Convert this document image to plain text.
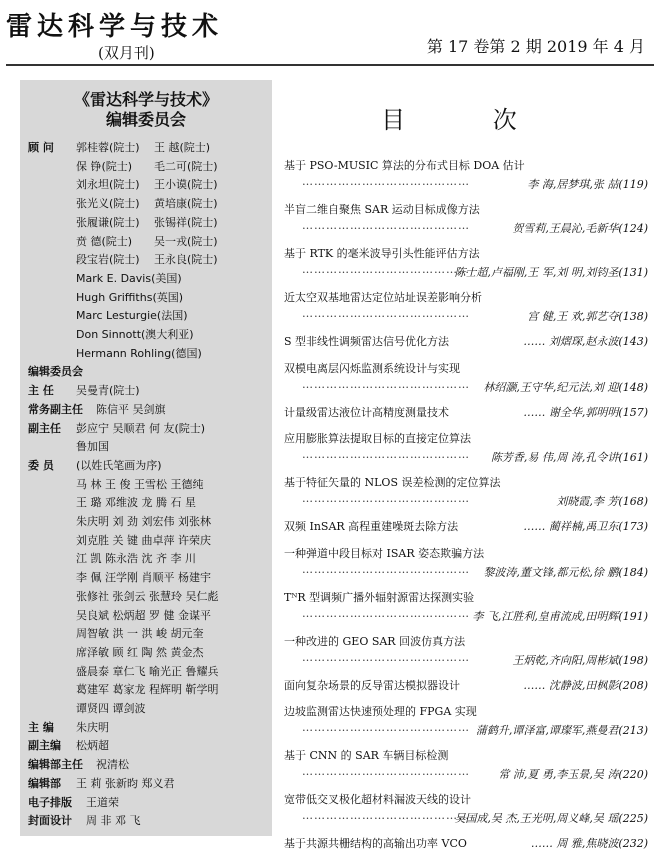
雷达科学与技术
(双月刊)	第 17 卷第 2 期 2019 年 4 月
《雷达科学与技术》
编辑委员会
顾 问 郭桂蓉(院士) 王 越(院士)
保 铮(院士) 毛二可(院士)
刘永坦(院士) 王小谟(院士)
张光义(院士) 黄培康(院士)
张履谦(院士) 张锡祥(院士)
贲 德(院士) 吴一戎(院士)
段宝岩(院士) 王永良(院士)
Mark E. Davis(美国)
Hugh Griffiths(英国)
Marc Lesturgie(法国)
Don Sinnott(澳大利亚)
Hermann Rohling(德国)
编辑委员会
主 任 吴曼青(院士)
常务副主任 陈信平 吴剑旗
副主任 彭应宁 吴顺君 何 友(院士)
鲁加国
委 员 (以姓氏笔画为序)
马 林 王 俊 王雪松 王德纯
王 璐 邓维波 龙 腾 石 星
朱庆明 刘 劲 刘宏伟 刘张林
刘克胜 关 键 曲卓萍 许荣庆
江 凯 陈永浩 沈 齐 李 川
李 佩 汪学刚 肖顺平 杨建宇
张修社 张剑云 张慧玲 吴仁彪
吴良斌 松炳超 罗 健 金谋平
周智敏 洪 一 洪 峻 胡元奎
席泽敏 顾 红 陶 然 黄金杰
盛晨泰 章仁飞 喻光正 鲁耀兵
葛建军 葛家龙 程辉明 靳学明
谭贤四 谭剑波
主 编 朱庆明
副主编 松炳超
编辑部主任 祝清松
编辑部 王 莉 张新昀 郑义君
电子排版 王道荣
封面设计 周 非 邓 飞
目 次
基于 PSO-MUSIC 算法的分布式目标 DOA 估计
……………………………………	李 海,居梦琪,张 喆(119)
半盲二维自聚焦 SAR 运动目标成像方法
……………………………………	贺雪莉,王晨沁,毛新华(124)
基于 RTK 的毫米波导引头性能评估方法
……………………………………
陈士超,卢福刚,王 军,刘 明,刘钧圣(131)
近太空双基地雷达定位站址误差影响分析
……………………………………	宫 健,王 欢,郭艺夺(138)
S 型非线性调频雷达信号优化方法	…… 刘熠琛,赵永波(143)
双模电离层闪烁监测系统设计与实现
…………………………………… 林绍灏,王守华,纪元法,刘 迎(148)
计量级雷达液位计高精度测量技术	…… 谢全华,郭明明(157)
应用膨胀算法提取目标的直接定位算法
…………………………………… 陈芳香,易 伟,周 涛,孔令讲(161)
基于特征矢量的 NLOS 误差检测的定位算法
……………………………………	刘晓霞,李 芳(168)
双频 InSAR 高程重建噪斑去除方法	…… 蔺祥楠,禹卫东(173)
一种弹道中段目标对 ISAR 姿态欺骗方法
…………………………………… 黎波涛,董文锋,都元松,徐 鹏(184)
TᴺR 型调频广播外辐射源雷达探测实验
…………………………………… 李 飞,江胜利,皇甫流成,田明辉(191)
一种改进的 GEO SAR 回波仿真方法
……………………………………	王炳乾,齐向阳,周彬斌(198)
面向复杂场景的反导雷达模拟器设计	…… 沈静波,田枫影(208)
边坡监测雷达快速预处理的 FPGA 实现
…………………………………… 蒲鹤升,谭泽富,谭璨军,燕曼君(213)
基于 CNN 的 SAR 车辆目标检测
……………………………………	常 沛,夏 勇,李玉景,吴 涛(220)
宽带低交叉极化超材料漏波天线的设计
……………………………………
吴国成,吴 杰,王光明,周义峰,吴 瑶(225)
基于共源共栅结构的高输出功率 VCO	…… 周 雅,焦晓波(232)
